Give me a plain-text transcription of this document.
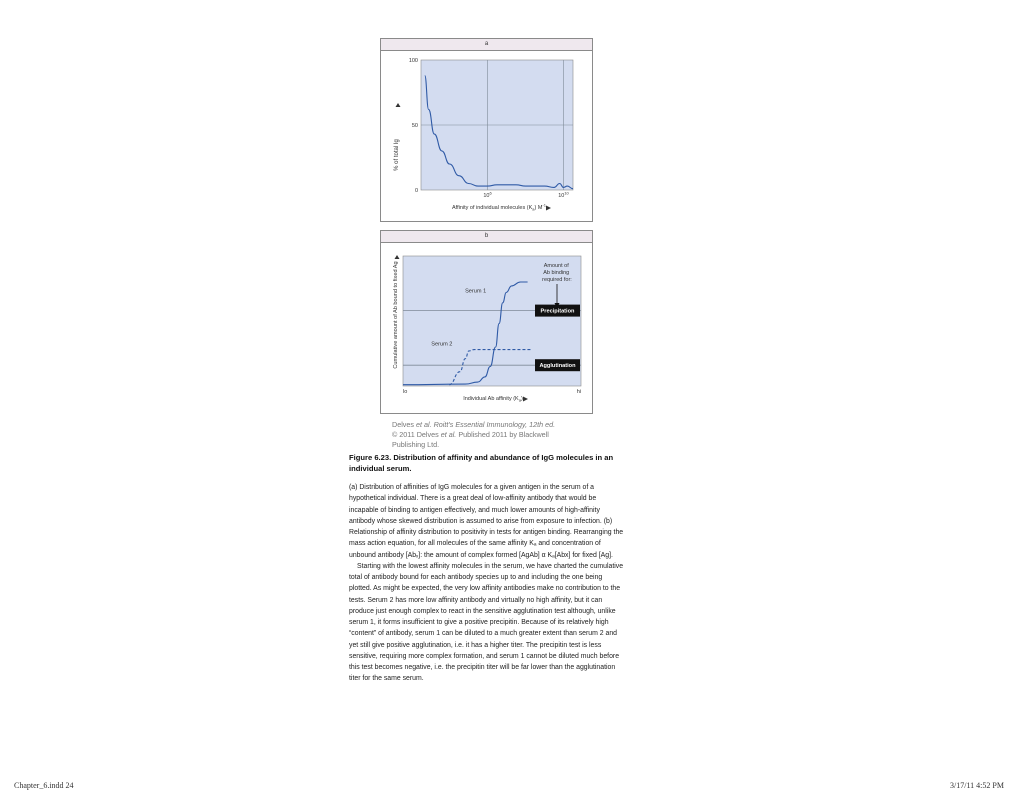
a
0
50
100
$10^6$	$10^{10}$
% of total Ig
Affinity of individual molecules $(K_a)$ $M^{-1}$
b
Precipitation
Agglutination
Serum 1
Serum 2
Amount of Ab binding required for:
Cumulative amount of Ab bound to fixed Ag
lo	hi
Individual Ab affinity $(K_a)$
Delves et al. Roitt's Essential Immunology, 12th ed.
© 2011 Delves et al. Published 2011 by Blackwell
Publishing Ltd.
Figure 6.23. Distribution of affinity and abundance of IgG molecules in an individual serum.

(a) Distribution of affinities of IgG molecules for a given antigen in the serum of a hypothetical individual. There is a great deal of low-affinity antibody that would be incapable of binding to antigen effectively, and much lower amounts of high-affinity antibody whose skewed distribution is assumed to arise from exposure to infection. (b) Relationship of affinity distribution to positivity in tests for antigen binding. Rearranging the mass action equation, for all molecules of the same affinity Kₐ and concentration of unbound antibody [Abₓ]: the amount of complex formed [AgAb] α Kₐ[Abx] for fixed [Ag].

Starting with the lowest affinity molecules in the serum, we have charted the cumulative total of antibody bound for each antibody species up to and including the one being plotted. As might be expected, the very low affinity antibodies make no contribution to the tests. Serum 2 has more low affinity antibody and virtually no high affinity, but it can produce just enough complex to react in the sensitive agglutination test although, unlike serum 1, it forms insufficient to give a positive precipitin. Because of its relatively high “content” of antibody, serum 1 can be diluted to a much greater extent than serum 2 and yet still give positive agglutination, i.e. it has a higher titer. The precipitin test is less sensitive, requiring more complex formation, and serum 1 cannot be diluted much before this test becomes negative, i.e. the precipitin titer will be far lower than the agglutination titer for the same serum.

Chapter_6.indd 24	3/17/11 4:52 PM
